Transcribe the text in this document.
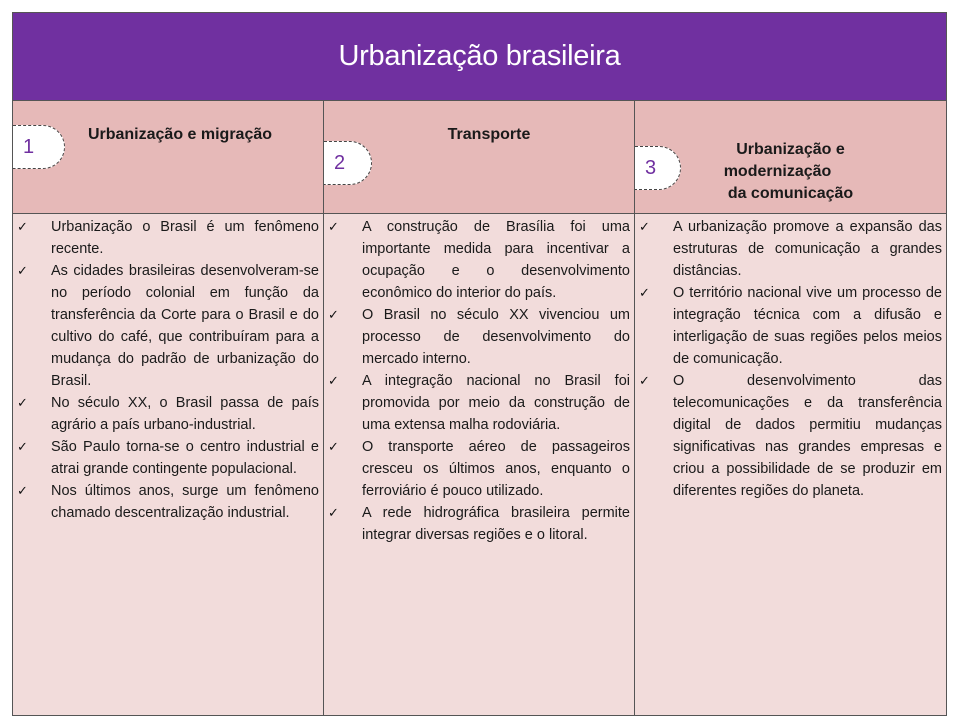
Urbanização brasileira
Urbanização e migração
1
Transporte
2
Urbanização e
modernização
da comunicação
3
✓ Urbanização o Brasil é um fenômeno recente.
✓ As cidades brasileiras desenvolveram-se no período colonial em função da transferência da Corte para o Brasil e do cultivo do café, que contribuíram para a mudança do padrão de urbanização do Brasil.
✓ No século XX, o Brasil passa de país agrário a país urbano-industrial.
✓ São Paulo torna-se o centro industrial e atrai grande contingente populacional.
✓ Nos últimos anos, surge um fenômeno chamado descentralização industrial.
✓ A construção de Brasília foi uma importante medida para incentivar a ocupação e o desenvolvimento econômico do interior do país.
✓ O Brasil no século XX vivenciou um processo de desenvolvimento do mercado interno.
✓ A integração nacional no Brasil foi promovida por meio da construção de uma extensa malha rodoviária.
✓ O transporte aéreo de passageiros cresceu os últimos anos, enquanto o ferroviário é pouco utilizado.
✓ A rede hidrográfica brasileira permite integrar diversas regiões e o litoral.
✓ A urbanização promove a expansão das estruturas de comunicação a grandes distâncias.
✓ O território nacional vive um processo de integração técnica com a difusão e interligação de suas regiões pelos meios de comunicação.
✓ O desenvolvimento das telecomunicações e da transferência digital de dados permitiu mudanças significativas nas grandes empresas e criou a possibilidade de se produzir em diferentes regiões do planeta.
